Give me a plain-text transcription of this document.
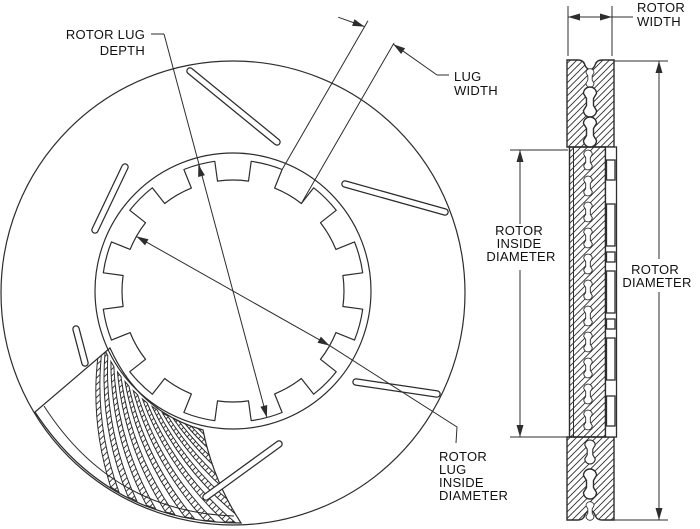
ROTOR LUG DEPTH
LUG WIDTH
ROTOR LUG INSIDE DIAMETER
ROTOR WIDTH
ROTOR INSIDE DIAMETER
ROTOR DIAMETER
